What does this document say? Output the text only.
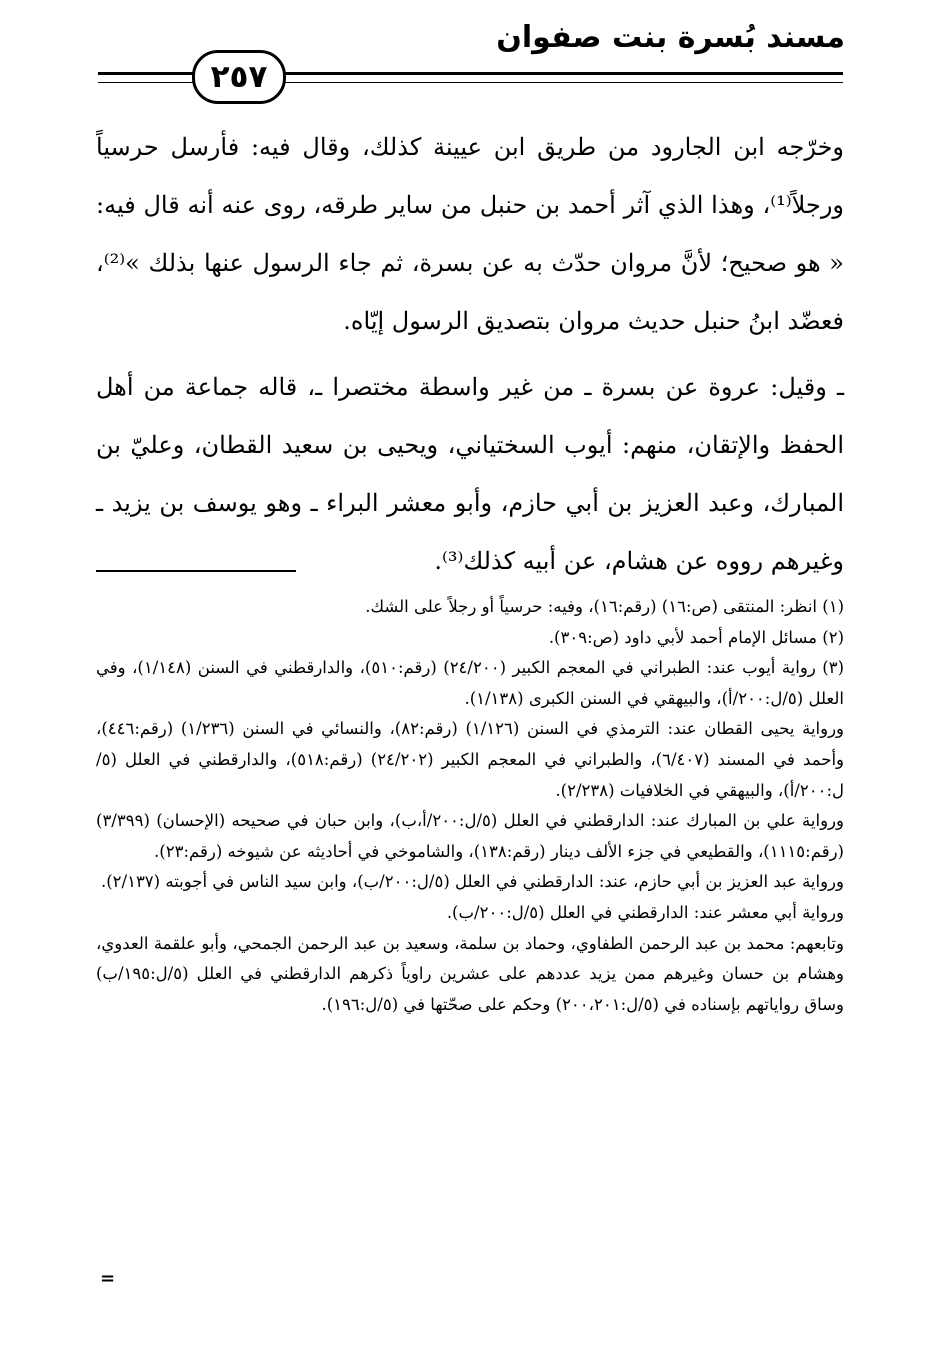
مسند بُسرة بنت صفوان
٢٥٧

وخرّجه ابن الجارود من طريق ابن عيينة كذلك، وقال فيه: فأرسل حرسياً ورجلاً⁽¹⁾، وهذا الذي آثر أحمد بن حنبل من ساير طرقه، روى عنه أنه قال فيه: « هو صحيح؛ لأنَّ مروان حدّث به عن بسرة، ثم جاء الرسول عنها بذلك »⁽²⁾، فعضّد ابنُ حنبل حديث مروان بتصديق الرسول إيّاه.

ـ وقيل: عروة عن بسرة ـ من غير واسطة مختصرا ـ، قاله جماعة من أهل الحفظ والإتقان، منهم: أيوب السختياني، ويحيى بن سعيد القطان، وعليّ بن المبارك، وعبد العزيز بن أبي حازم، وأبو معشر البراء ـ وهو يوسف بن يزيد ـ وغيرهم رووه عن هشام، عن أبيه كذلك⁽³⁾.

(١) انظر: المنتقى (ص:١٦) (رقم:١٦)، وفيه: حرسياً أو رجلاً على الشك.

(٢) مسائل الإمام أحمد لأبي داود (ص:٣٠٩).

(٣) رواية أيوب عند: الطبراني في المعجم الكبير (٢٤/٢٠٠) (رقم:٥١٠)، والدارقطني في السنن (١/١٤٨)، وفي العلل (٥/ل:٢٠٠/أ)، والبيهقي في السنن الكبرى (١/١٣٨).

ورواية يحيى القطان عند: الترمذي في السنن (١/١٢٦) (رقم:٨٢)، والنسائي في السنن (١/٢٣٦) (رقم:٤٤٦)، وأحمد في المسند (٦/٤٠٧)، والطبراني في المعجم الكبير (٢٤/٢٠٢) (رقم:٥١٨)، والدارقطني في العلل (٥/ل:٢٠٠/أ)، والبيهقي في الخلافيات (٢/٢٣٨).

ورواية علي بن المبارك عند: الدارقطني في العلل (٥/ل:٢٠٠/أ،ب)، وابن حبان في صحيحه (الإحسان) (٣/٣٩٩) (رقم:١١١٥)، والقطيعي في جزء الألف دينار (رقم:١٣٨)، والشاموخي في أحاديثه عن شيوخه (رقم:٢٣).

ورواية عبد العزيز بن أبي حازم، عند: الدارقطني في العلل (٥/ل:٢٠٠/ب)، وابن سيد الناس في أجوبته (٢/١٣٧).

ورواية أبي معشر عند: الدارقطني في العلل (٥/ل:٢٠٠/ب).

وتابعهم: محمد بن عبد الرحمن الطفاوي، وحماد بن سلمة، وسعيد بن عبد الرحمن الجمحي، وأبو علقمة العدوي، وهشام بن حسان وغيرهم ممن يزيد عددهم على عشرين راوياً ذكرهم الدارقطني في العلل (٥/ل:١٩٥/ب) وساق رواياتهم بإسناده في (٥/ل:٢٠٠،٢٠١) وحكم على صحّتها في (٥/ل:١٩٦).

=
